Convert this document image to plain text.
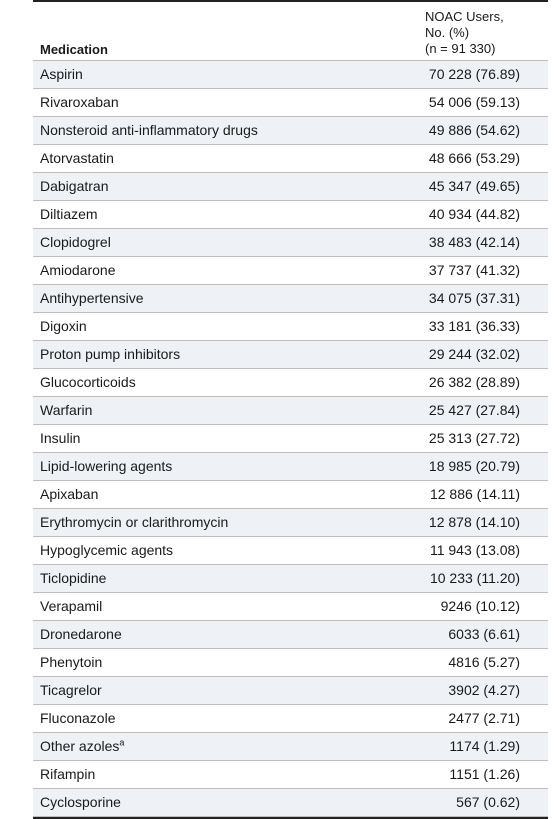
Medication
NOAC Users,
No. (%)
(n = 91 330)
Aspirin	70 228 (76.89)
Rivaroxaban	54 006 (59.13)
Nonsteroid anti-inflammatory drugs	49 886 (54.62)
Atorvastatin	48 666 (53.29)
Dabigatran	45 347 (49.65)
Diltiazem	40 934 (44.82)
Clopidogrel	38 483 (42.14)
Amiodarone	37 737 (41.32)
Antihypertensive	34 075 (37.31)
Digoxin	33 181 (36.33)
Proton pump inhibitors	29 244 (32.02)
Glucocorticoids	26 382 (28.89)
Warfarin	25 427 (27.84)
Insulin	25 313 (27.72)
Lipid-lowering agents	18 985 (20.79)
Apixaban	12 886 (14.11)
Erythromycin or clarithromycin	12 878 (14.10)
Hypoglycemic agents	11 943 (13.08)
Ticlopidine	10 233 (11.20)
Verapamil	9246 (10.12)
Dronedarone	6033 (6.61)
Phenytoin	4816 (5.27)
Ticagrelor	3902 (4.27)
Fluconazole	2477 (2.71)
Other azoles$^a$	1174 (1.29)
Rifampin	1151 (1.26)
Cyclosporine	567 (0.62)
